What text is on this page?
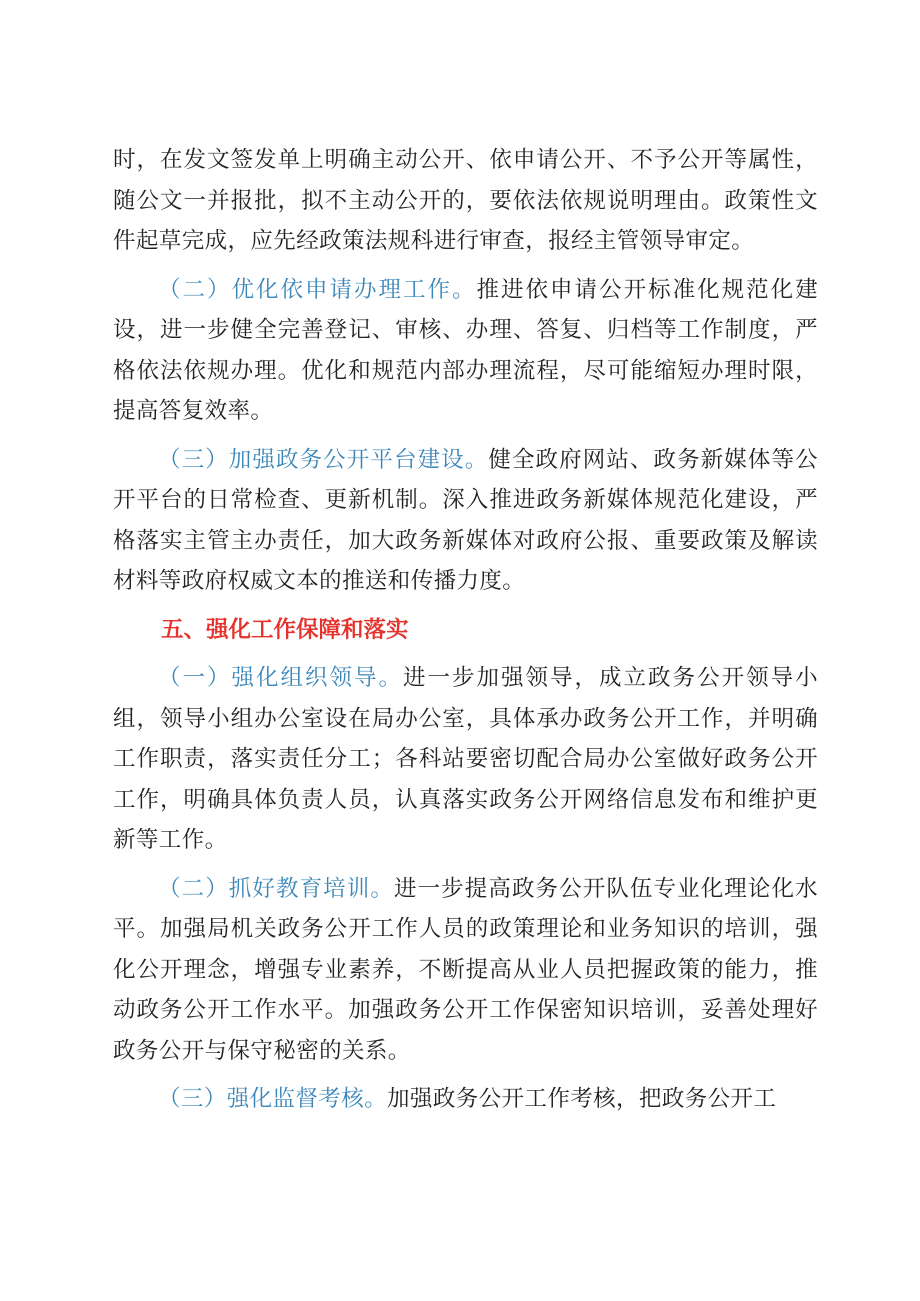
时，在发文签发单上明确主动公开、依申请公开、不予公开等属性，随公文一并报批，拟不主动公开的，要依法依规说明理由。政策性文件起草完成，应先经政策法规科进行审查，报经主管领导审定。

（二）优化依申请办理工作。推进依申请公开标准化规范化建设，进一步健全完善登记、审核、办理、答复、归档等工作制度，严格依法依规办理。优化和规范内部办理流程，尽可能缩短办理时限，提高答复效率。

（三）加强政务公开平台建设。健全政府网站、政务新媒体等公开平台的日常检查、更新机制。深入推进政务新媒体规范化建设，严格落实主管主办责任，加大政务新媒体对政府公报、重要政策及解读材料等政府权威文本的推送和传播力度。

五、强化工作保障和落实

（一）强化组织领导。进一步加强领导，成立政务公开领导小组，领导小组办公室设在局办公室，具体承办政务公开工作，并明确工作职责，落实责任分工；各科站要密切配合局办公室做好政务公开工作，明确具体负责人员，认真落实政务公开网络信息发布和维护更新等工作。

（二）抓好教育培训。进一步提高政务公开队伍专业化理论化水平。加强局机关政务公开工作人员的政策理论和业务知识的培训，强化公开理念，增强专业素养，不断提高从业人员把握政策的能力，推动政务公开工作水平。加强政务公开工作保密知识培训，妥善处理好政务公开与保守秘密的关系。

（三）强化监督考核。加强政务公开工作考核，把政务公开工
